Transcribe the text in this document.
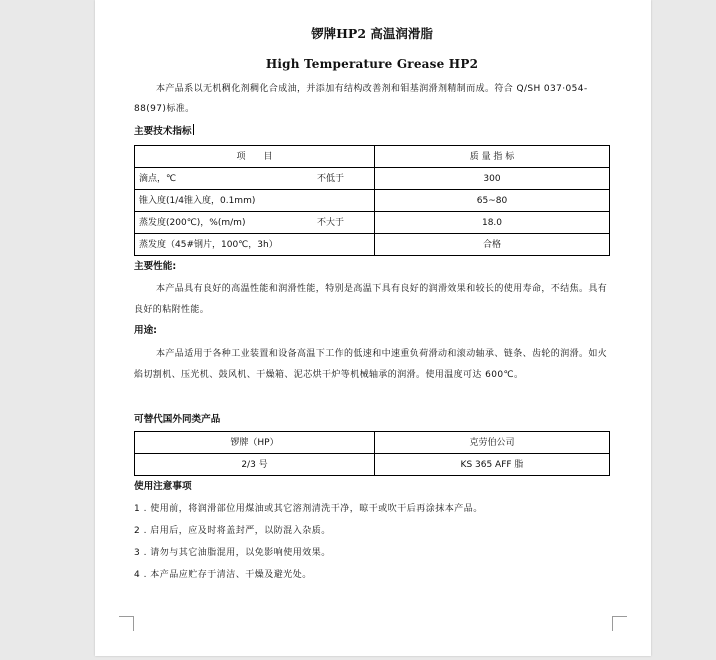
锣牌HP2 高温润滑脂
High Temperature Grease HP2
本产品系以无机稠化剂稠化合成油，并添加有结构改善剂和钼基润滑剂精制而成。符合 Q/SH 037·054-88(97)标准。
主要技术指标
项　　目	质 量 指 标

滴点，℃ 不低于	300

锥入度(1/4锥入度，0.1mm)	65~80

蒸发度(200℃)，%(m/m) 不大于	18.0

蒸发度（45#钢片，100℃，3h）	合格
主要性能:
本产品具有良好的高温性能和润滑性能，特别是高温下具有良好的润滑效果和较长的使用寿命，不结焦。具有良好的粘附性能。
用途:
本产品适用于各种工业装置和设备高温下工作的低速和中速重负荷滑动和滚动轴承、链条、齿轮的润滑。如火焰切割机、压光机、鼓风机、干燥箱、泥芯烘干炉等机械轴承的润滑。使用温度可达 600℃。
可替代国外同类产品
锣牌（HP）	克劳伯公司
2/3 号	KS 365 AFF 脂
使用注意事项
1 . 使用前，将润滑部位用煤油或其它溶剂清洗干净，晾干或吹干后再涂抹本产品。
2 . 启用后，应及时将盖封严，以防混入杂质。
3 . 请勿与其它油脂混用，以免影响使用效果。
4 . 本产品应贮存于清洁、干燥及避光处。
